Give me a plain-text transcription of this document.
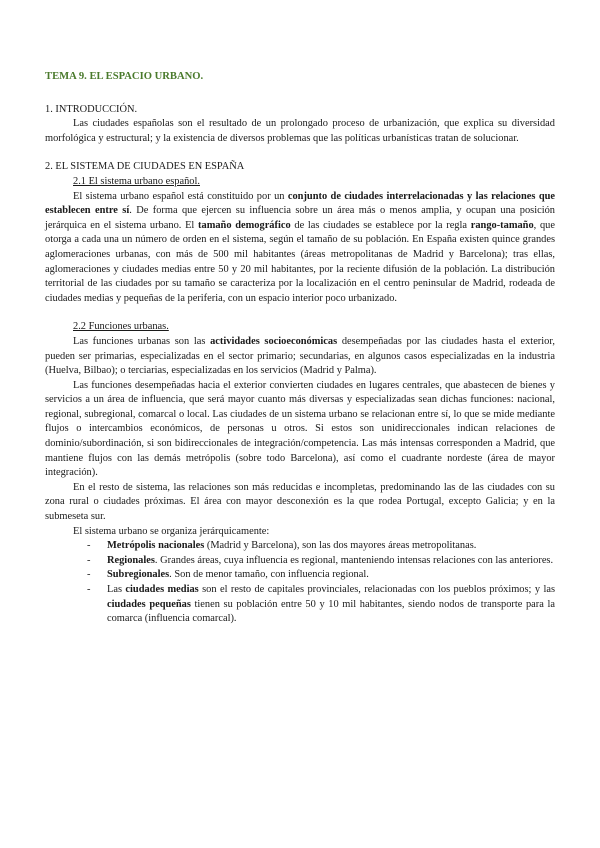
TEMA 9. EL ESPACIO URBANO.
1. INTRODUCCIÓN.

Las ciudades españolas son el resultado de un prolongado proceso de urbanización, que explica su diversidad morfológica y estructural; y la existencia de diversos problemas que las políticas urbanísticas tratan de solucionar.

2. EL SISTEMA DE CIUDADES EN ESPAÑA
2.1 El sistema urbano español.

El sistema urbano español está constituido por un conjunto de ciudades interrelacionadas y las relaciones que establecen entre sí. De forma que ejercen su influencia sobre un área más o menos amplia, y ocupan una posición jerárquica en el sistema urbano. El tamaño demográfico de las ciudades se establece por la regla rango-tamaño, que otorga a cada una un número de orden en el sistema, según el tamaño de su población. En España existen quince grandes aglomeraciones urbanas, con más de 500 mil habitantes (áreas metropolitanas de Madrid y Barcelona); tras ellas, aglomeraciones y ciudades medias entre 50 y 20 mil habitantes, por la reciente difusión de la población. La distribución territorial de las ciudades por su tamaño se caracteriza por la localización en el centro peninsular de Madrid, rodeada de ciudades medias y pequeñas de la periferia, con un espacio interior poco urbanizado.

2.2 Funciones urbanas.

Las funciones urbanas son las actividades socioeconómicas desempeñadas por las ciudades hasta el exterior, pueden ser primarias, especializadas en el sector primario; secundarias, en algunos casos especializadas en la industria (Huelva, Bilbao); o terciarias, especializadas en los servicios (Madrid y Palma).

Las funciones desempeñadas hacia el exterior convierten ciudades en lugares centrales, que abastecen de bienes y servicios a un área de influencia, que será mayor cuanto más diversas y especializadas sean dichas funciones: nacional, regional, subregional, comarcal o local. Las ciudades de un sistema urbano se relacionan entre sí, lo que se mide mediante flujos o intercambios económicos, de personas u otros. Si estos son unidireccionales indican relaciones de dominio/subordinación, si son bidireccionales de integración/competencia. Las más intensas corresponden a Madrid, que mantiene flujos con las demás metrópolis (sobre todo Barcelona), así como el cuadrante nordeste (área de mayor integración).

En el resto de sistema, las relaciones son más reducidas e incompletas, predominando las de las ciudades con su zona rural o ciudades próximas. El área con mayor desconexión es la que rodea Portugal, excepto Galicia; y en la submeseta sur.

El sistema urbano se organiza jerárquicamente:

- Metrópolis nacionales (Madrid y Barcelona), son las dos mayores áreas metropolitanas.
- Regionales. Grandes áreas, cuya influencia es regional, manteniendo intensas relaciones con las anteriores.
- Subregionales. Son de menor tamaño, con influencia regional.
- Las ciudades medias son el resto de capitales provinciales, relacionadas con los pueblos próximos; y las ciudades pequeñas tienen su población entre 50 y 10 mil habitantes, siendo nodos de transporte para la comarca (influencia comarcal).
